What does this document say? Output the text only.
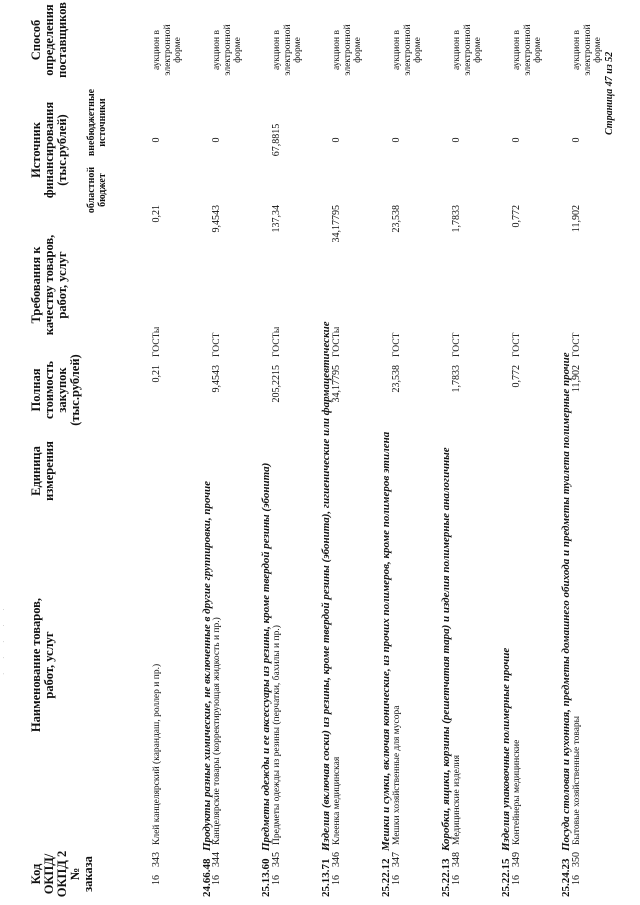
· · · · ·
Код
ОКПД/
ОКПД 2
№ заказа
Наименование товаров,
работ, услуг
Единица
измерения
Полная
стоимость
закупок
(тыс.рублей)
Требования к
качеству товаров,
работ, услуг
Источник
финансирования
(тыс.рублей)
областной
бюджет
внебюджетные
источники
Способ
определения
поставщиков
16
343
Клей канцелярский (карандаш, роллер и пр.)
0,21
ГОСТы
0,21
0
аукцион в
электронной
форме
24.66.48Продукты разные химические, не включенные в другие группировки, прочие
16
344
Канцелярские товары (корректирующая жидкость и пр.)
9,4543
ГОСТ
9,4543
0
аукцион в
электронной
форме
25.13.60Предметы одежды и ее аксессуары из резины, кроме твердой резины (эбонита)
16
345
Предметы одежды из резины (перчатки, бахилы и пр.)
205,2215
ГОСТы
137,34
67,8815
аукцион в
электронной
форме
25.13.71Изделия (включая соски) из резины, кроме твердой резины (эбонита), гигиенические или фармацевтические
16
346
Клеенка медицинская
34,17795
ГОСТы
34,17795
0
аукцион в
электронной
форме
25.22.12Мешки и сумки, включая конические, из прочих полимеров, кроме полимеров этилена
16
347
Мешки хозяйственные для мусора
23,538
ГОСТ
23,538
0
аукцион в
электронной
форме
25.22.13Коробки, ящики, корзины (решетчатая тара) и изделия полимерные аналогичные
16
348
Медицинские изделия
1,7833
ГОСТ
1,7833
0
аукцион в
электронной
форме
25.22.15Изделия упаковочные полимерные прочие
16
349
Контейнеры медицинские
0,772
ГОСТ
0,772
0
аукцион в
электронной
форме
25.24.23Посуда столовая и кухонная, предметы домашнего обихода и предметы туалета полимерные прочие
16
350
Бытовые хозяйственные товары
11,902
ГОСТ
11,902
0
аукцион в
электронной
форме
Страница 47 из 52
